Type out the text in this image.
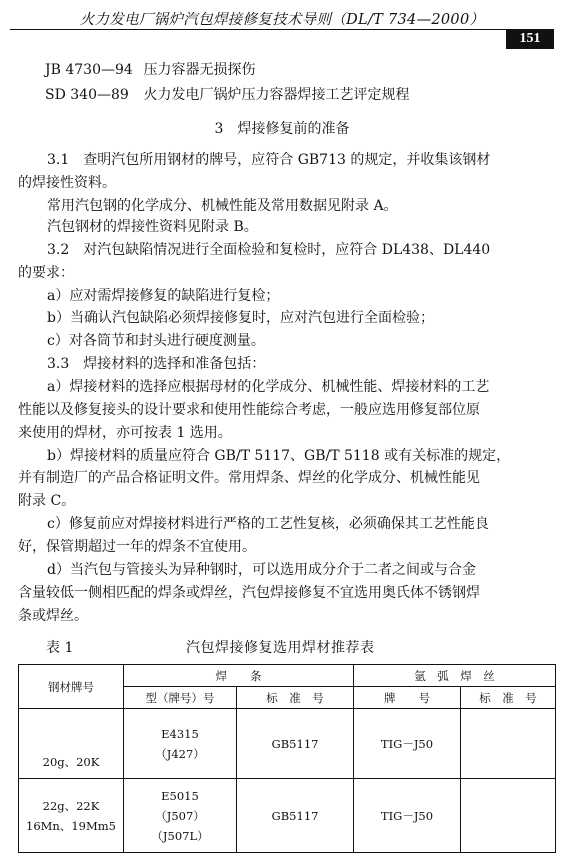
火力发电厂锅炉汽包焊接修复技术导则（DL/T 734—2000）
151
JB 4730—94 压力容器无损探伤
SD 340—89 火力发电厂锅炉压力容器焊接工艺评定规程
3　焊接修复前的准备
3.1　查明汽包所用钢材的牌号，应符合 GB713 的规定，并收集该钢材
的焊接性资料。
常用汽包钢的化学成分、机械性能及常用数据见附录 A。
汽包钢材的焊接性资料见附录 B。
3.2　对汽包缺陷情况进行全面检验和复检时，应符合 DL438、DL440
的要求：
a）应对需焊接修复的缺陷进行复检；
b）当确认汽包缺陷必须焊接修复时，应对汽包进行全面检验；
c）对各筒节和封头进行硬度测量。
3.3　焊接材料的选择和准备包括：
a）焊接材料的选择应根据母材的化学成分、机械性能、焊接材料的工艺
性能以及修复接头的设计要求和使用性能综合考虑，一般应选用修复部位原
来使用的焊材，亦可按表 1 选用。
b）焊接材料的质量应符合 GB/T 5117、GB/T 5118 或有关标准的规定，
并有制造厂的产品合格证明文件。常用焊条、焊丝的化学成分、机械性能见
附录 C。
c）修复前应对焊接材料进行严格的工艺性复核，必须确保其工艺性能良
好，保管期超过一年的焊条不宜使用。
d）当汽包与管接头为异种钢时，可以选用成分介于二者之间或与合金
含量较低一侧相匹配的焊条或焊丝，汽包焊接修复不宜选用奥氏体不锈钢焊
条或焊丝。
表 1	汽包焊接修复选用焊材推荐表
钢材牌号	焊　　条		氩　弧　焊　丝	
	型（牌号）号	标　准　号	牌　　号	标　准　号

20g、20K	E4315
（J427）	GB5117	TIG－J50	

22g、22K
16Mn、19Mm5	E5015
（J507）
（J507L）	GB5117	TIG－J50	
